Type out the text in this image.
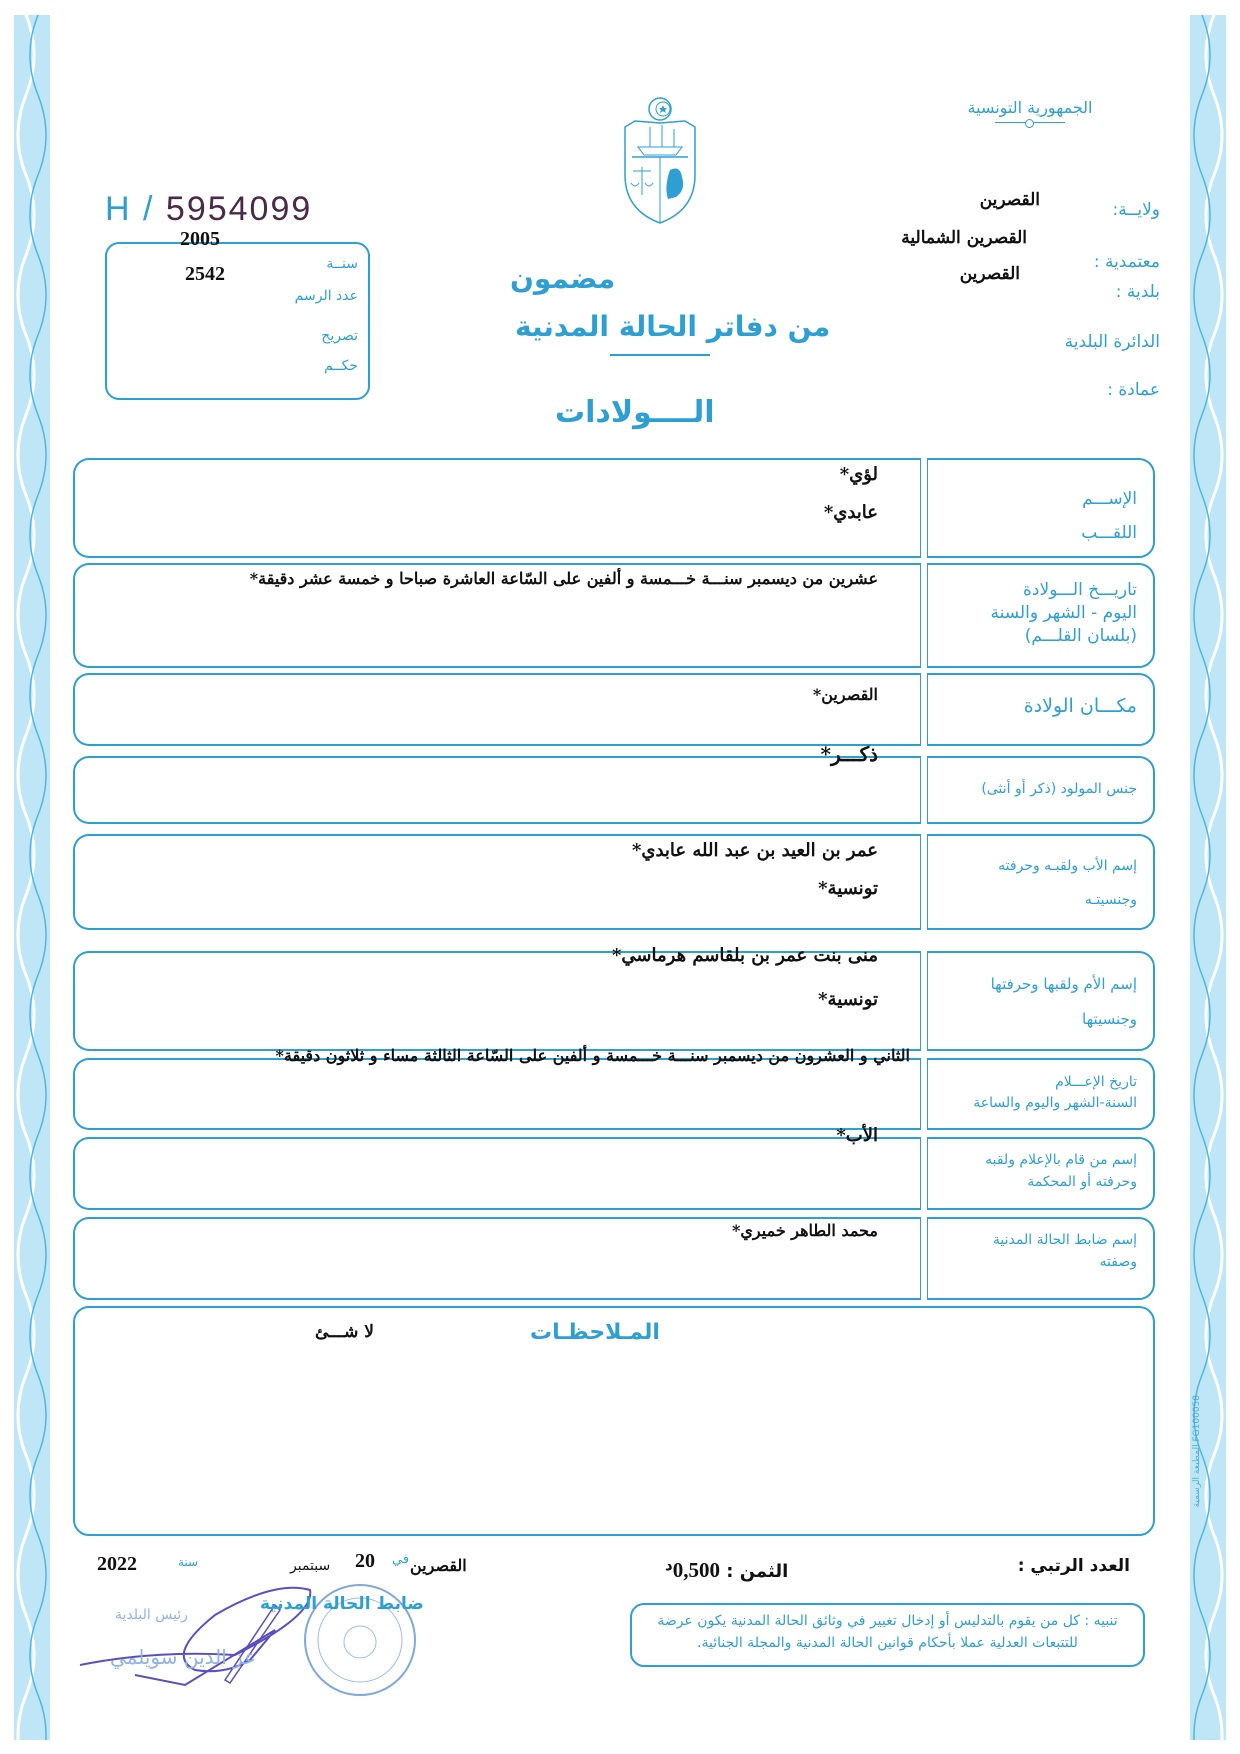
الجمهورية التونسية
ولايــة:
القصرين
معتمدية :
القصرين الشمالية
بلدية :
القصرين
الدائرة البلدية
عمادة :
H / 5954099
2005
2542	سنــة
عدد الرسم
تصريح
حكــم
مضمون
من دفاتر الحالة المدنية
الــــولادات
لؤي*
عابدي*
الإســـم
اللقـــب
عشرين من ديسمبر سنـــة خـــمسة و ألفين على السّاعة العاشرة صباحا و خمسة عشر دقيقة*
تاريـــخ الـــولادة
اليوم - الشهر والسنة
(بلسان القلـــم)
القصرين*
مكـــان الولادة
ذكـــر*
جنس المولود (ذكر أو أنثى)
عمر بن العيد بن عبد الله عابدي*
تونسية*
إسم الأب ولقبـه وحرفته
وجنسيتـه
منى بنت عمر بن بلقاسم هرماسي*
تونسية*
إسم الأم ولقبها وحرفتها
وجنسيتها
الثاني و العشرون من ديسمبر سنـــة خـــمسة و ألفين على السّاعة الثالثة مساء و ثلاثون دقيقة*
تاريخ الإعـــلام
السنة-الشهر واليوم والساعة
الأب*
إسم من قام بالإعلام ولقبه
وحرفته أو المحكمة
محمد الطاهر خميري*	إسم ضابط الحالة المدنية
وصفته
المـلاحظـات
لا شـــئ
المطبعة الرسمية FG100058
العدد الرتبي :
الثمن : $0,500^د$
تنبيه : كل من يقوم بالتدليس أو إدخال تغيير في وثائق الحالة المدنية يكون عرضة
للتتبعات العدلية عملا بأحكام قوانين الحالة المدنية والمجلة الجنائية.
رئيس البلدية
عز الدين سويلمي
القصرين
في
20
سبتمبر
سنة
2022
ضابط الحالة المدنية
